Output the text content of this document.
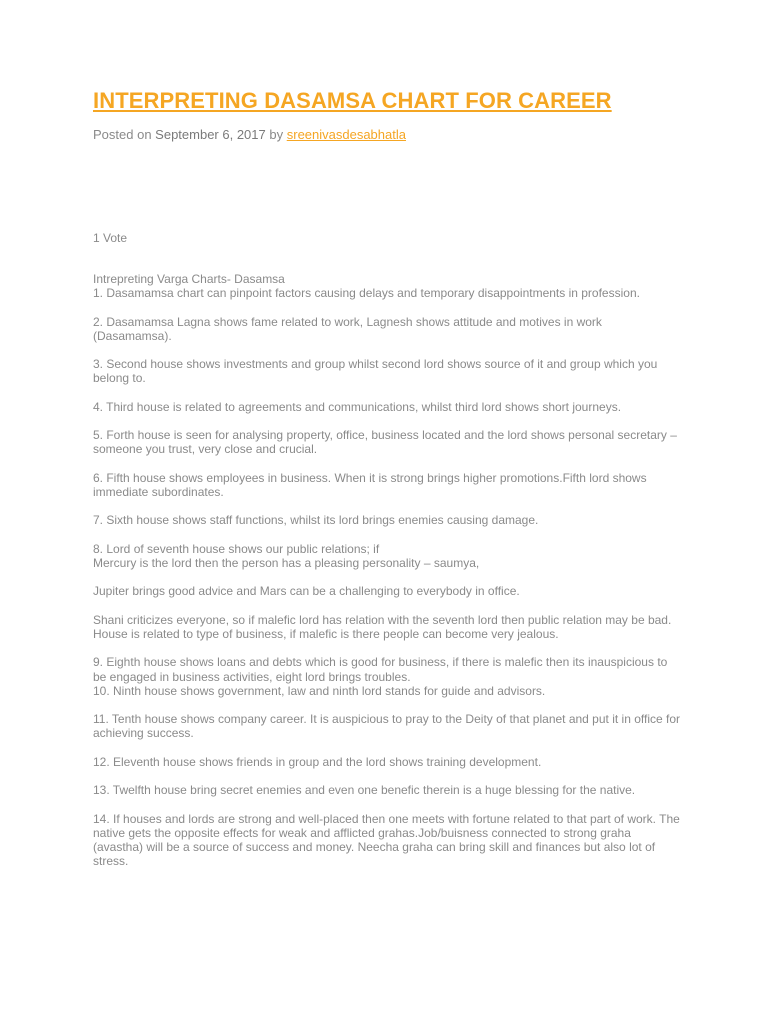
INTERPRETING DASAMSA CHART FOR CAREER
Posted on September 6, 2017 by sreenivasdesabhatla
1 Vote

Intrepreting Varga Charts- Dasamsa

1. Dasamamsa chart can pinpoint factors causing delays and temporary disappointments in profession.

2. Dasamamsa Lagna shows fame related to work, Lagnesh shows attitude and motives in work (Dasamamsa).

3. Second house shows investments and group whilst second lord shows source of it and group which you belong to.

4. Third house is related to agreements and communications, whilst third lord shows short journeys.

5. Forth house is seen for analysing property, office, business located and the lord shows personal secretary – someone you trust, very close and crucial.

6. Fifth house shows employees in business. When it is strong brings higher promotions.Fifth lord shows immediate subordinates.

7. Sixth house shows staff functions, whilst its lord brings enemies causing damage.

8. Lord of seventh house shows our public relations; if

Mercury is the lord then the person has a pleasing personality – saumya,

Jupiter brings good advice and Mars can be a challenging to everybody in office.

Shani criticizes everyone, so if malefic lord has relation with the seventh lord then public relation may be bad. House is related to type of business, if malefic is there people can become very jealous.

9. Eighth house shows loans and debts which is good for business, if there is malefic then its inauspicious to be engaged in business activities, eight lord brings troubles.

10. Ninth house shows government, law and ninth lord stands for guide and advisors.

11. Tenth house shows company career. It is auspicious to pray to the Deity of that planet and put it in office for achieving success.

12. Eleventh house shows friends in group and the lord shows training development.

13. Twelfth house bring secret enemies and even one benefic therein is a huge blessing for the native.

14. If houses and lords are strong and well-placed then one meets with fortune related to that part of work. The native gets the opposite effects for weak and afflicted grahas.Job/buisness connected to strong graha (avastha) will be a source of success and money. Neecha graha can bring skill and finances but also lot of stress.
